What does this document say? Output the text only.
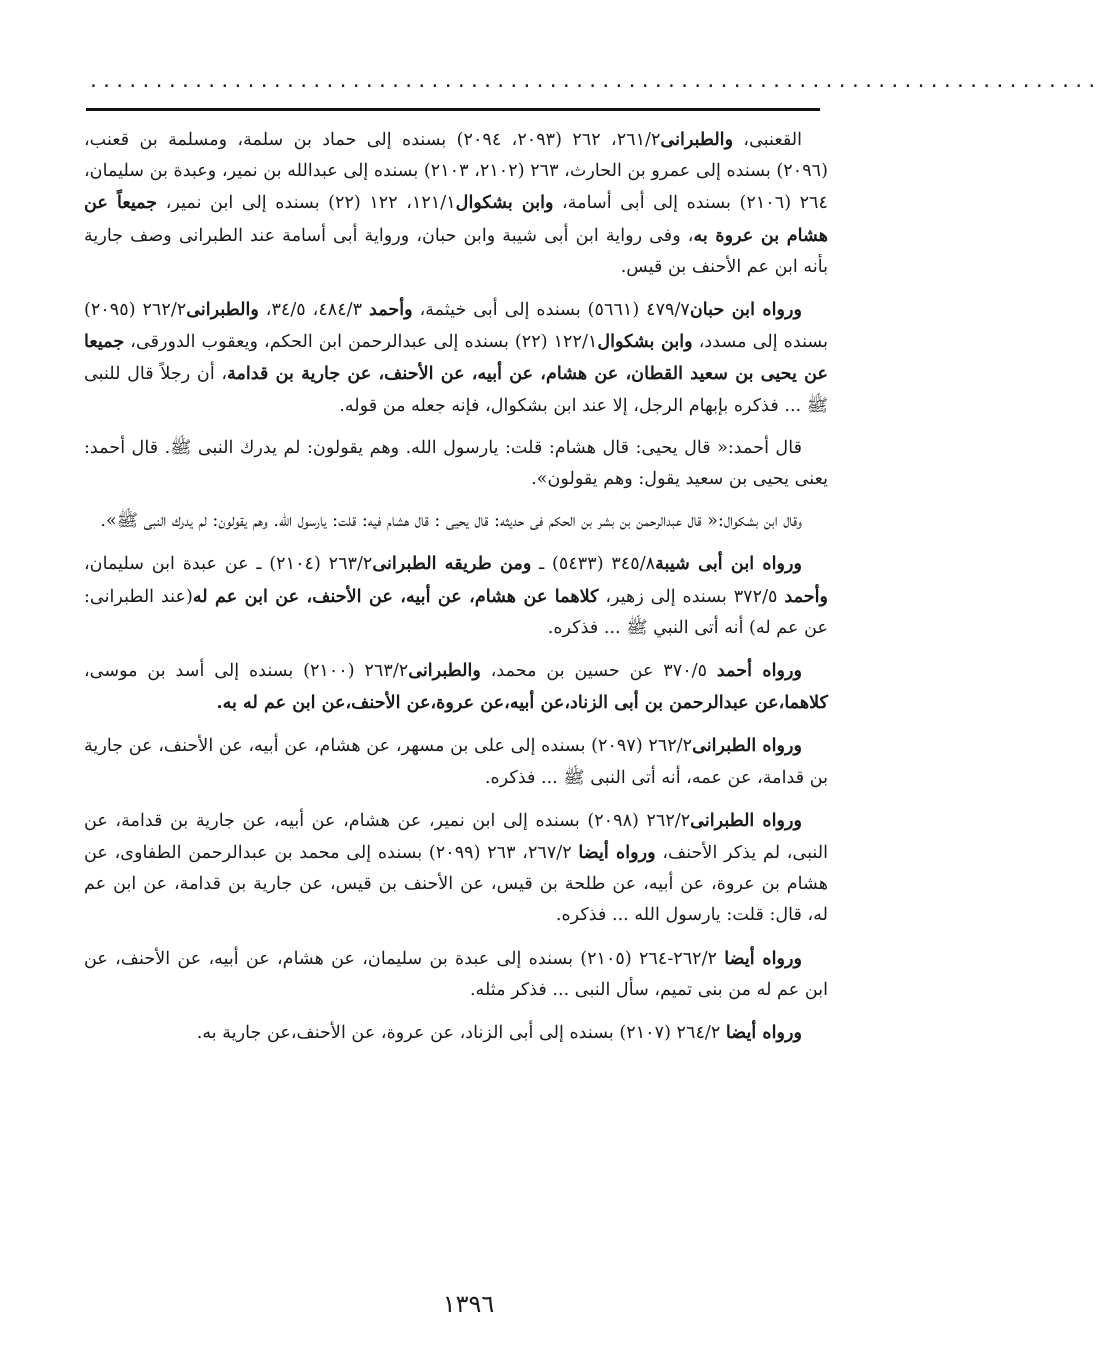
.............................................................................

القعنبى، والطبرانى٢٦١/٢، ٢٦٢ (٢٠٩٣، ٢٠٩٤) بسنده إلى حماد بن سلمة، ومسلمة بن قعنب، (٢٠٩٦) بسنده إلى عمرو بن الحارث، ٢٦٣ (٢١٠٢، ٢١٠٣) بسنده إلى عبدالله بن نمير، وعبدة بن سليمان، ٢٦٤ (٢١٠٦) بسنده إلى أبى أسامة، وابن بشكوال١٢١/١، ١٢٢ (٢٢) بسنده إلى ابن نمير، جميعاً عن هشام بن عروة به، وفى رواية ابن أبى شيبة وابن حبان، ورواية أبى أسامة عند الطبرانى وصف جارية بأنه ابن عم الأحنف بن قيس.

ورواه ابن حبان٤٧٩/٧ (٥٦٦١) بسنده إلى أبى خيثمة، وأحمد ٤٨٤/٣، ٣٤/٥، والطبرانى٢٦٢/٢ (٢٠٩٥) بسنده إلى مسدد، وابن بشكوال١٢٢/١ (٢٢) بسنده إلى عبدالرحمن ابن الحكم، ويعقوب الدورقى، جميعا عن يحيى بن سعيد القطان، عن هشام، عن أبيه، عن الأحنف، عن جارية بن قدامة، أن رجلاً قال للنبى ﷺ ... فذكره بإبهام الرجل، إلا عند ابن بشكوال، فإنه جعله من قوله.

قال أحمد:« قال يحيى: قال هشام: قلت: يارسول الله. وهم يقولون: لم يدرك النبى ﷺ. قال أحمد: يعنى يحيى بن سعيد يقول: وهم يقولون».

وقال ابن بشكوال:« قال عبدالرحمن بن بشر بن الحكم فى حديثه: قال يحيى : قال هشام فيه: قلت: يارسول الله. وهم يقولون: لم يدرك النبى ﷺ».

ورواه ابن أبى شيبة٣٤٥/٨ (٥٤٣٣) ـ ومن طريقه الطبرانى٢٦٣/٢ (٢١٠٤) ـ عن عبدة ابن سليمان، وأحمد ٣٧٢/٥ بسنده إلى زهير، كلاهما عن هشام، عن أبيه، عن الأحنف، عن ابن عم له(عند الطبرانى: عن عم له) أنه أتى النبي ﷺ ... فذكره.

ورواه أحمد ٣٧٠/٥ عن حسين بن محمد، والطبرانى٢٦٣/٢ (٢١٠٠) بسنده إلى أسد بن موسى، كلاهما،عن عبدالرحمن بن أبى الزناد،عن أبيه،عن عروة،عن الأحنف،عن ابن عم له به.

ورواه الطبرانى٢٦٢/٢ (٢٠٩٧) بسنده إلى على بن مسهر، عن هشام، عن أبيه، عن الأحنف، عن جارية بن قدامة، عن عمه، أنه أتى النبى ﷺ ... فذكره.

ورواه الطبرانى٢٦٢/٢ (٢٠٩٨) بسنده إلى ابن نمير، عن هشام، عن أبيه، عن جارية بن قدامة، عن النبى، لم يذكر الأحنف، ورواه أيضا ٢٦٧/٢، ٢٦٣ (٢٠٩٩) بسنده إلى محمد بن عبدالرحمن الطفاوى، عن هشام بن عروة، عن أبيه، عن طلحة بن قيس، عن الأحنف بن قيس، عن جارية بن قدامة، عن ابن عم له، قال: قلت: يارسول الله ... فذكره.

ورواه أيضا ٢٦٢/٢-٢٦٤ (٢١٠٥) بسنده إلى عبدة بن سليمان، عن هشام، عن أبيه، عن الأحنف، عن ابن عم له من بنى تميم، سأل النبى ... فذكر مثله.

ورواه أيضا ٢٦٤/٢ (٢١٠٧) بسنده إلى أبى الزناد، عن عروة، عن الأحنف،عن جارية به.

١٣٩٦
